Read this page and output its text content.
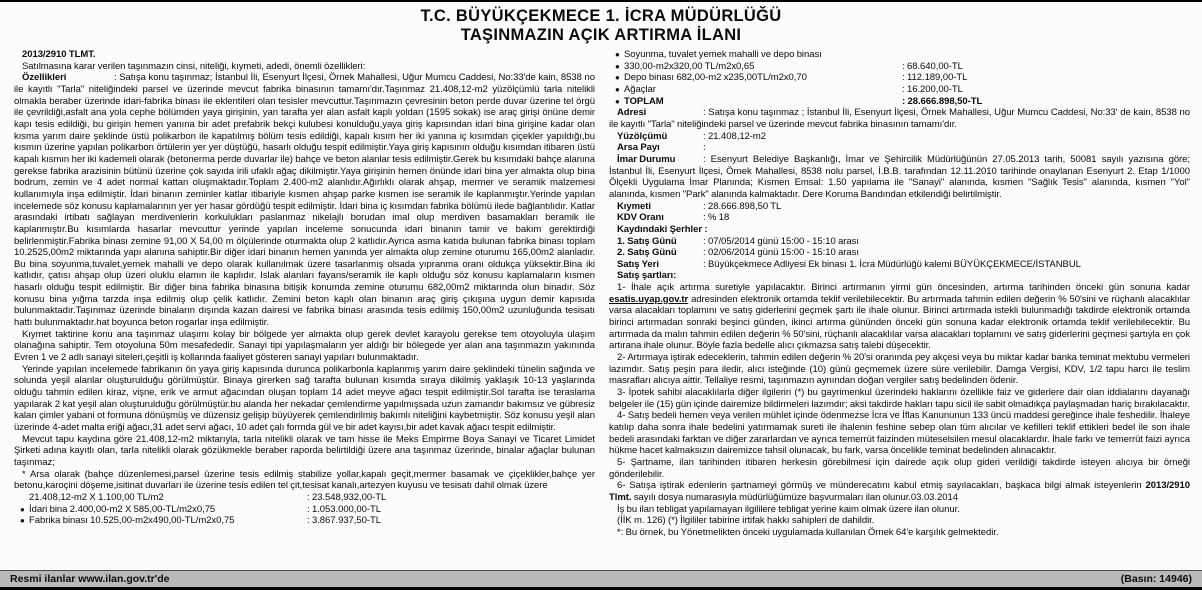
T.C. BÜYÜKÇEKMECE 1. İCRA MÜDÜRLÜĞÜ
TAŞINMAZIN AÇIK ARTIRMA İLANI

2013/2910 TLMT.

Satılmasına karar verilen taşınmazın cinsi, niteliği, kıymeti, adedi, önemli özellikleri:

Özellikleri	: Satışa konu taşınmaz; İstanbul İli, Esenyurt İlçesi, Örnek Mahallesi, Uğur Mumcu Caddesi, No:33'de kain, 8538 no ile kayıtlı "Tarla" niteliğindeki parsel ve üzerinde mevcut fabrika binasının tamamı'dır.Taşınmaz 21.408,12-m2 yüzölçümlü tarla nitelikli olmakla beraber üzerinde idari-fabrika binası ile eklentileri olan tesisler mevcuttur.Taşınmazın çevresinin beton perde duvar üzerine tel örgü ile çevrildiği,asfalt ana yola cephe bölümden yaya girişinin, yan tarafta yer alan asfalt kaplı yoldan (1595 sokak) ise araç girişi önüne demir kapı tesis edildiği, bu girişin hemen yanına bir adet prefabrik bekçi kulubesi konulduğu,yaya giriş kapısından idari bina girişine kadar olan kısma yarım daire şeklinde üstü polikarbon ile kapatılmış bölüm tesis edildiği, kapalı kısım her iki yanına iç kısımdan çiçekler yapıldığı,bu kısmın üzerine yapılan polikarbon örtülerin yer yer düştüğü, hasarlı olduğu tespit edilmiştir.Yaya giriş kapısının olduğu kısımdan itibaren üstü kapalı kısmın her iki kademeli olarak (betonerma perde duvarlar ile) bahçe ve beton alanlar tesis edilmiştir.Gerek bu kısımdaki bahçe alanına gerekse fabrika arazisinin bütünü üzerine çok sayıda irili ufaklı ağaç dikilmiştir.Yaya girişinin hemen önünde idari bina yer almakta olup bina bodrum, zemin ve 4 adet normal kattan oluşmaktadır.Toplam 2.400-m2 alanlıdır.Ağırlıklı olarak ahşap, mermer ve seramik malzemesi kullanımıyla inşa edilmiştir. İdari binanın zeminler katlar itibariyle kısmen ahşap parke kısmen ise seramik ile kaplanmıştır.Yerinde yapılan incelemede söz konusu kaplamalarının yer yer hasar gördüğü tespit edilmiştir. İdari bina iç kısımdan fabrika bölümü ilede bağlantılıdır. Katlar arasındaki irtibatı sağlayan merdivenlerin korkulukları paslanmaz nikelajlı borudan imal olup merdiven basamakları beramik ile kaplanmıştır.Bu kısımlarda hasarlar mevcuttur yerinde yapılan inceleme sonucunda idari binanın tamir ve bakım gerektirdiği belirlenmiştir.Fabrika binası zemine 91,00 X 54,00 m ölçülerinde oturmakta olup 2 katlıdır.Ayrıca asma katıda bulunan fabrika binası toplam 10.2525,00m2 miktarında yapı alanına sahiptir.Bir diğer idari binanın hemen yanında yer almakta olup zemine oturumu 165,00m2 alanladır. Bu bina soyunma,tuvalet,yemek mahalli ve depo olarak kullanılmak üzere tasarlanmış olsada yıpranma oranı oldukça yüksektir.Bina iki katlıdır, çatısı ahşap olup üzeri oluklu elamın ile kaplıdır. Islak alanları fayans/seramik ile kaplı olduğu söz konusu kaplamaların kısmen hasarlı olduğu tespit edilmiştir. Bir diğer bina fabrika binasına bitişik konumda zemine oturumu 682,00m2 miktarında olun binadır. Söz konusu bina yığma tarzda inşa edilmiş olup çelik katlıdır. Zemini beton kaplı olan binanın araç giriş çıkışına uygun demir kapısıda bulunmaktadır.Taşınmaz üzerinde binaların dışında kazan dairesi ve fabrika binası arasında tesis edilmiş 150,00m2 uzunluğunda tesisatı hattı bulunmaktadır.hat boyunca beton rogarlar inşa edilmiştir.

Kıymet taktirine konu ana taşınmaz ulaşımı kolay bir bölgede yer almakta olup gerek devlet karayolu gerekse tem otoyoluyla ulaşım olanağına sahiptir. Tem otoyoluna 50m mesafededir. Sanayi tipi yapılaşmaların yer aldığı bir bölegede yer alan ana taşınmazın yakınında Evren 1 ve 2 adlı sanayi siteleri,çeşitli iş kollarında faaliyet gösteren sanayi yapıları bulunmaktadır.

Yerinde yapılan incelemede fabrikanın ön yaya giriş kapısında durunca polikarbonla kaplanmış yarım daire şeklindeki tünelin sağında ve solunda yeşil alanlar oluşturulduğu görülmüştür. Binaya girerken sağ tarafta bulunan kısımda sıraya dikilmiş yaklaşık 10-13 yaşlarında olduğu tahmin edilen kiraz, vişne, erik ve armut ağacından oluşan toplam 14 adet meyve ağacı tespit edilmiştir.Sol tarafta ise teraslama yapılarak 2 kat yeşil alan oluşturulduğu görülmüştür.bu alanda her nekadar çemlendirme yapılmışsada uzun zamandır bakımsız ve gübresiz kalan çimler yabani ot formuna dönüşmüş ve düzensiz gelişip büyüyerek çemlendirilmiş bakımlı niteliğini kaybetmiştir. Söz konusu yeşil alan üzerinde 4-adet malta eriği ağacı,31 adet servi ağacı, 10 adet çalı formda gül ve bir adet kayısı,bir adet kavak ağacı tespit edilmiştir.

Mevcut tapu kaydına göre 21.408,12-m2 miktarıyla, tarla nitelikli olarak ve tam hisse ile Meks Empirme Boya Sanayi ve Ticaret Limidet Şirketi adına kayıtlı olan, tarla nitelikli olarak gözükmekle beraber raporda belirtildiği üzere ana taşınmaz üzerinde, binalar ağaçlar bulunan taşınmaz;

* Arsa olarak (bahçe düzenlemesi,parsel üzerine tesis edilmiş stabilize yollar,kapalı geçit,mermer basamak ve çiçeklikler,bahçe yer betonu,karoçini döşeme,isitinat duvarları ile üzerine tesis edilen tel çit,tesisat kanalı,artezyen kuyusu ve tesisatı dahil olmak üzere

21.408,12-m2 X 1.100,00 TL/m2	: 23.548,932,00-TL
● İdari bina 2.400,00-m2 X 585,00-TL/m2x0,75	: 1.053.000,00-TL
● Fabrika binası 10.525,00-m2x490,00-TL/m2x0,75	: 3.867.937,50-TL
● Soyunma, tuvalet yemek mahalli ve depo binası
● 330,00-m2x320,00 TL/m2x0,65	: 68.640,00-TL
● Depo binası 682,00-m2 x235,00TL/m2x0,70	: 112.189,00-TL
● Ağaçlar	: 16.200,00-TL
● TOPLAM	: 28.666.898,50-TL

Adresi	: Satışa konu taşınmaz ; İstanbul İli, Esenyurt İlçesi, Örnek Mahallesi, Uğur Mumcu Caddesi, No:33' de kain, 8538 no ile kayıtlı "Tarla" niteliğindeki parsel ve üzerinde mevcut fabrika binasının tamamı'dır.

Yüzölçümü	: 21.408,12-m2

Arsa Payı	:

İmar Durumu	: Esenyurt Belediye Başkanlığı, İmar ve Şehircilik Müdürlüğünün 27.05.2013 tarih, 50081 sayılı yazısına göre; İstanbul İli, Esenyurt İlçesi, Örnek Mahallesi, 8538 nolu parsel, İ.B.B. tarafından 12.11.2010 tarihinde onaylanan Esenyurt 2. Etap 1/1000 Ölçekli Uygulama İmar Planında; Kısmen Emsal: 1.50 yapılama ile "Sanayi" alanında, kısmen "Sağlık Tesis" alanında, kısmen "Yol" alanında, kısmen "Park" alanında kalmaktadır. Dere Koruma Bandından etkilendiği belirtilmiştir.

Kıymeti	: 28.666.898,50 TL

KDV Oranı	: % 18

Kaydındaki Şerhler :

1. Satış Günü	: 07/05/2014 günü 15:00 - 15:10 arası

2. Satış Günü	: 02/06/2014 günü 15:00 - 15:10 arası

Satış Yeri	: Büyükçekmece Adliyesi Ek binası 1. İcra Müdürlüğü kalemi BÜYÜKÇEKMECE/İSTANBUL

Satış şartları:

1- İhale açık artırma suretiyle yapılacaktır. Birinci artırmanın yirmi gün öncesinden, artırma tarihinden önceki gün sonuna kadar esatis.uyap.gov.tr adresinden elektronik ortamda teklif verilebilecektir. Bu artırmada tahmin edilen değerin % 50'sini ve rüçhanlı alacaklılar varsa alacakları toplamını ve satış giderlerini geçmek şartı ile ihale olunur. Birinci artırmada istekli bulunmadığı takdirde elektronik ortamda birinci artırmadan sonraki beşinci günden, ikinci artırma gününden önceki gün sonuna kadar elektronik ortamda teklif verilebilecektir. Bu artırmada da malın tahmin edilen değerin % 50'sini, rüçhanlı alacaklılar varsa alacakları toplamını ve satış giderlerini geçmesi şartıyla en çok artırana ihale olunur. Böyle fazla bedelle alıcı çıkmazsa satış talebi düşecektir.

2- Artırmaya iştirak edeceklerin, tahmin edilen değerin % 20'si oranında pey akçesi veya bu miktar kadar banka teminat mektubu vermeleri lazımdır. Satış peşin para iledir, alıcı isteğinde (10) günü geçmemek üzere süre verilebilir. Damga Vergisi, KDV, 1/2 tapu harcı ile teslim masrafları alıcıya aittir. Tellaliye resmi, taşınmazın aynından doğan vergiler satış bedelinden ödenir.

3- İpotek sahibi alacaklılarla diğer ilgilerin (*) bu gayrimenkul üzerindeki haklarını özellikle faiz ve giderlere dair olan iddialarını dayanağı belgeler ile (15) gün içinde dairemize bildirmeleri lazımdır; aksi takdirde hakları tapu sicil ile sabit olmadıkça paylaşmadan hariç bırakılacaktır.

4- Satış bedeli hemen veya verilen mühlet içinde ödenmezse İcra ve İflas Kanununun 133 üncü maddesi gereğince ihale feshedilir. İhaleye katılıp daha sonra ihale bedelini yatırmamak sureti ile ihalenin feshine sebep olan tüm alıcılar ve kefilleri teklif ettikleri bedel ile son ihale bedeli arasındaki farktan ve diğer zararlardan ve ayrıca temerrüt faizinden müteselsilen mesul olacaklardır. İhale farkı ve temerrüt faizi ayrıca hükme hacet kalmaksızın dairemizce tahsil olunacak, bu fark, varsa öncelikle teminat bedelinden alınacaktır.

5- Şartname, ilan tarihinden itibaren herkesin görebilmesi için dairede açık olup gideri verildiği takdirde isteyen alıcıya bir örneği gönderilebilir.

6- Satışa iştirak edenlerin şartnameyi görmüş ve münderecatını kabul etmiş sayılacakları, başkaca bilgi almak isteyenlerin 2013/2910 Tlmt. sayılı dosya numarasıyla müdürlüğümüze başvurmaları ilan olunur.03.03.2014

İş bu ilan tebligat yapılamayan ilgililere tebligat yerine kaim olmak üzere ilan olunur.

(İİK m. 126) (*) İlgililer tabirine irtifak hakkı sahipleri de dahildir.

*: Bu örnek, bu Yönetmelikten önceki uygulamada kullanılan Örnek 64'e karşılık gelmektedir.

Resmi ilanlar www.ilan.gov.tr'de	(Basın: 14946)
